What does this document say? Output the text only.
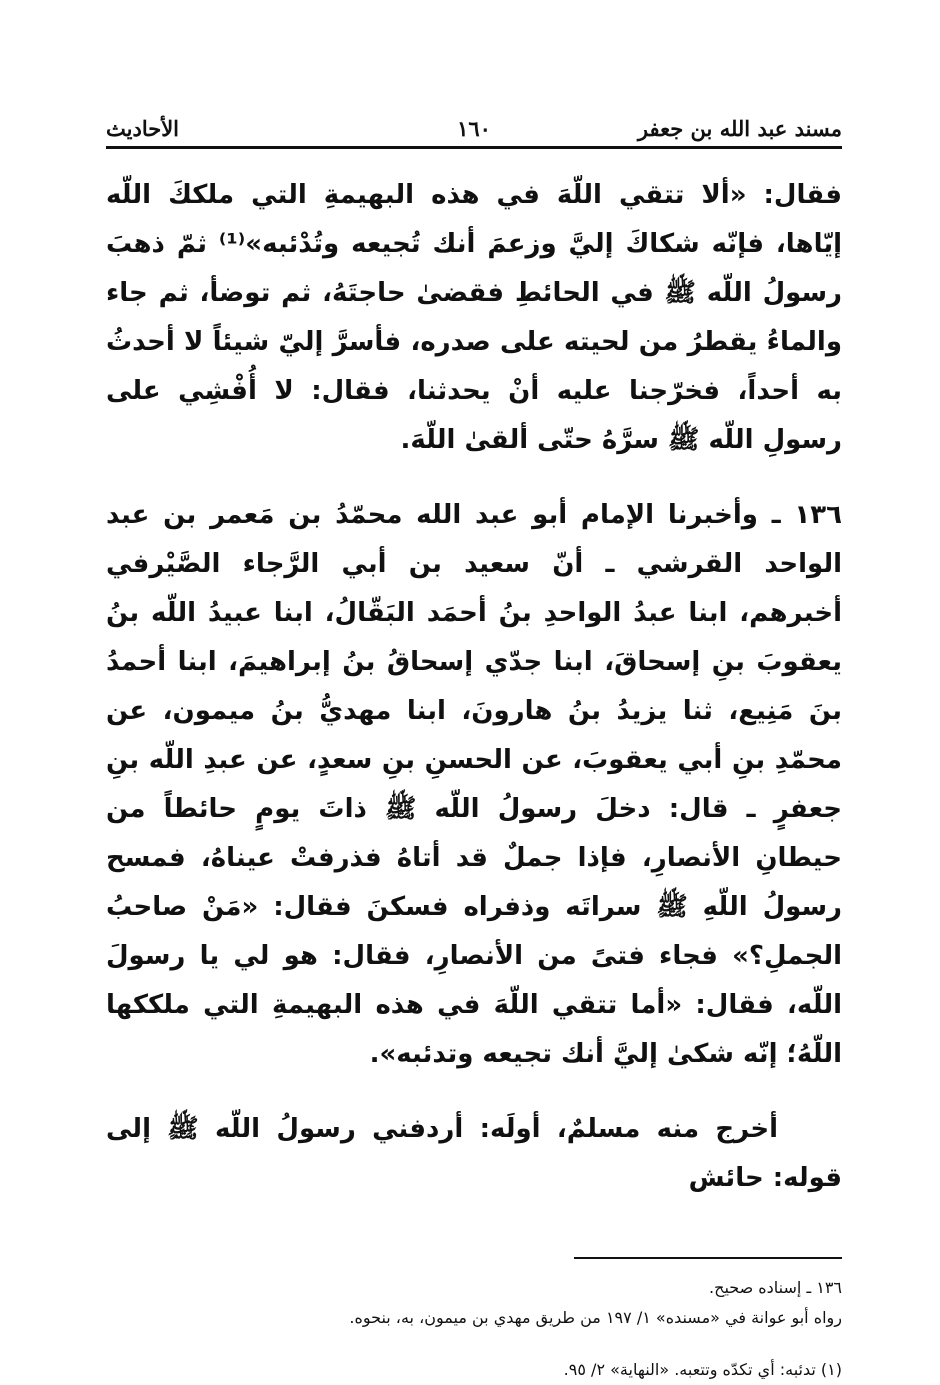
مسند عبد الله بن جعفر
١٦٠
الأحاديث

فقال: «ألا تتقي اللّهَ في هذه البهيمةِ التي ملككَ اللّه إيّاها، فإنّه شكاكَ إليَّ وزعمَ أنك تُجيعه وتُدْئبه»⁽¹⁾ ثمّ ذهبَ رسولُ اللّه ﷺ في الحائطِ فقضىٰ حاجتَهُ، ثم توضأ، ثم جاء والماءُ يقطرُ من لحيته على صدره، فأسرَّ إليّ شيئاً لا أحدثُ به أحداً، فخرّجنا عليه أنْ يحدثنا، فقال: لا أُفْشِي على رسولِ اللّه ﷺ سرَّهُ حتّى ألقىٰ اللّهَ.

١٣٦ ـ وأخبرنا الإمام أبو عبد الله محمّدُ بن مَعمر بن عبد الواحد القرشي ـ أنّ سعيد بن أبي الرَّجاء الصَّيْرفي أخبرهم، ابنا عبدُ الواحدِ بنُ أحمَد البَقّالُ، ابنا عبيدُ اللّه بنُ يعقوبَ بنِ إسحاقَ، ابنا جدّي إسحاقُ بنُ إبراهيمَ، ابنا أحمدُ بنَ مَنِيع، ثنا يزيدُ بنُ هارونَ، ابنا مهديُّ بنُ ميمون، عن محمّدِ بنِ أبي يعقوبَ، عن الحسنِ بنِ سعدٍ، عن عبدِ اللّه بنِ جعفرٍ ـ قال: دخلَ رسولُ اللّه ﷺ ذاتَ يومٍ حائطاً من حيطانِ الأنصارِ، فإذا جملٌ قد أتاهُ فذرفتْ عيناهُ، فمسح رسولُ اللّهِ ﷺ سراتَه وذفراه فسكنَ فقال: «مَنْ صاحبُ الجملِ؟» فجاء فتىً من الأنصارِ، فقال: هو لي يا رسولَ اللّه، فقال: «أما تتقي اللّهَ في هذه البهيمةِ التي ملككها اللّهُ؛ إنّه شكىٰ إليَّ أنك تجيعه وتدئبه».

أخرج منه مسلمٌ، أولَه: أردفني رسولُ اللّه ﷺ إلى قوله: حائش

١٣٦ ـ إسناده صحيح.
رواه أبو عوانة في «مسنده» ١/ ١٩٧ من طريق مهدي بن ميمون، به، بنحوه.
(١) تدئبه: أي تكدّه وتتعبه. «النهاية» ٢/ ٩٥.
